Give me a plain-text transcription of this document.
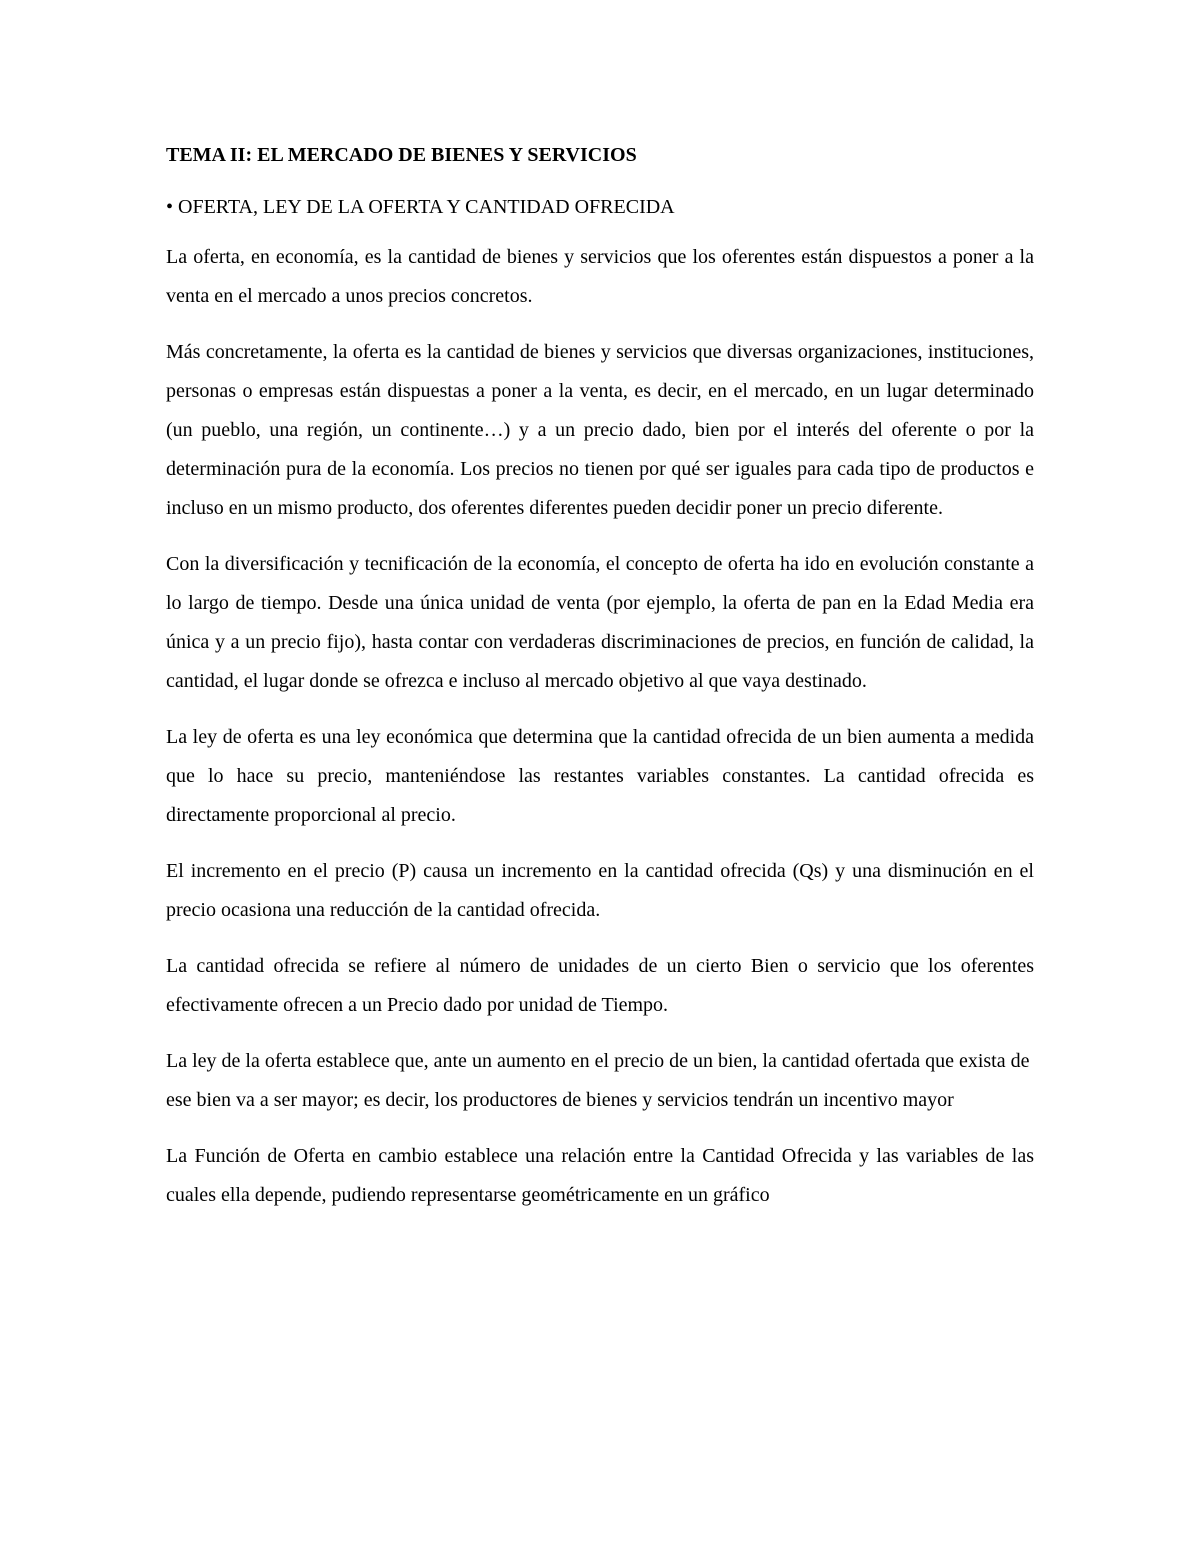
TEMA II: EL MERCADO DE BIENES Y SERVICIOS
• OFERTA, LEY DE LA OFERTA Y CANTIDAD OFRECIDA

La oferta, en economía, es la cantidad de bienes y servicios que los oferentes están dispuestos a poner a la venta en el mercado a unos precios concretos.

Más concretamente, la oferta es la cantidad de bienes y servicios que diversas organizaciones, instituciones, personas o empresas están dispuestas a poner a la venta, es decir, en el mercado, en un lugar determinado (un pueblo, una región, un continente…) y a un precio dado, bien por el interés del oferente o por la determinación pura de la economía. Los precios no tienen por qué ser iguales para cada tipo de productos e incluso en un mismo producto, dos oferentes diferentes pueden decidir poner un precio diferente.

Con la diversificación y tecnificación de la economía, el concepto de oferta ha ido en evolución constante a lo largo de tiempo. Desde una única unidad de venta (por ejemplo, la oferta de pan en la Edad Media era única y a un precio fijo), hasta contar con verdaderas discriminaciones de precios, en función de calidad, la cantidad, el lugar donde se ofrezca e incluso al mercado objetivo al que vaya destinado.

La ley de oferta es una ley económica que determina que la cantidad ofrecida de un bien aumenta a medida que lo hace su precio, manteniéndose las restantes variables constantes. La cantidad ofrecida es directamente proporcional al precio.

El incremento en el precio (P) causa un incremento en la cantidad ofrecida (Qs) y una disminución en el precio ocasiona una reducción de la cantidad ofrecida.

La cantidad ofrecida se refiere al número de unidades de un cierto Bien o servicio que los oferentes efectivamente ofrecen a un Precio dado por unidad de Tiempo.

La ley de la oferta establece que, ante un aumento en el precio de un bien, la cantidad ofertada que exista de ese bien va a ser mayor; es decir, los productores de bienes y servicios tendrán un incentivo mayor

La Función de Oferta en cambio establece una relación entre la Cantidad Ofrecida y las variables de las cuales ella depende, pudiendo representarse geométricamente en un gráfico
